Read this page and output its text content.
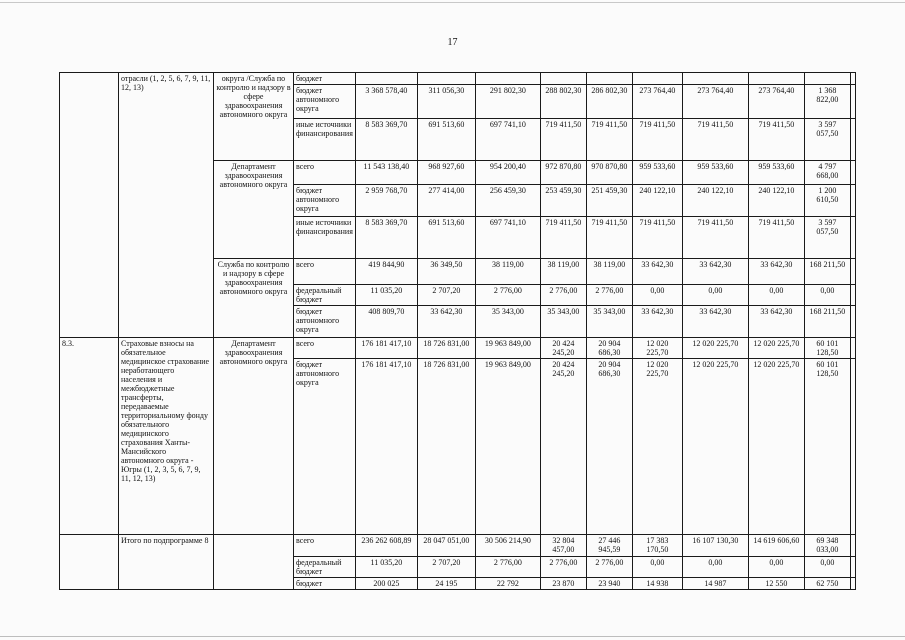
17
	отрасли (1, 2, 5, 6, 7, 9, 11, 12, 13)	округа /Служба по контролю и надзору в сфере здравоохранения автономного округа	бюджет										
			бюджет автономного округа	3 368 578,40	311 056,30	291 802,30	288 802,30	286 802,30	273 764,40	273 764,40	273 764,40	1 368 822,00	
			иные источники финансирования	8 583 369,70	691 513,60	697 741,10	719 411,50	719 411,50	719 411,50	719 411,50	719 411,50	3 597 057,50	
		Департамент здравоохранения автономного округа	всего	11 543 138,40	968 927,60	954 200,40	972 870,80	970 870,80	959 533,60	959 533,60	959 533,60	4 797 668,00	
			бюджет автономного округа	2 959 768,70	277 414,00	256 459,30	253 459,30	251 459,30	240 122,10	240 122,10	240 122,10	1 200 610,50	
			иные источники финансирования	8 583 369,70	691 513,60	697 741,10	719 411,50	719 411,50	719 411,50	719 411,50	719 411,50	3 597 057,50	
		Служба по контролю и надзору в сфере здравоохранения автономного округа	всего	419 844,90	36 349,50	38 119,00	38 119,00	38 119,00	33 642,30	33 642,30	33 642,30	168 211,50	
			федеральный бюджет	11 035,20	2 707,20	2 776,00	2 776,00	2 776,00	0,00	0,00	0,00	0,00	
			бюджет автономного округа	408 809,70	33 642,30	35 343,00	35 343,00	35 343,00	33 642,30	33 642,30	33 642,30	168 211,50	
8.3.	Страховые взносы на обязательное медицинское страхование неработающего населения и межбюджетные трансферты, передаваемые территориальному фонду обязательного медицинского страхования Ханты-Мансийского автономного округа - Югры (1, 2, 3, 5, 6, 7, 9, 11, 12, 13)	Департамент здравоохранения автономного округа	всего	176 181 417,10	18 726 831,00	19 963 849,00	20 424 245,20	20 904 686,30	12 020 225,70	12 020 225,70	12 020 225,70	60 101 128,50	
			бюджет автономного округа	176 181 417,10	18 726 831,00	19 963 849,00	20 424 245,20	20 904 686,30	12 020 225,70	12 020 225,70	12 020 225,70	60 101 128,50	
	Итого по подпрограмме 8		всего	236 262 608,89	28 047 051,00	30 506 214,90	32 804 457,00	27 446 945,59	17 383 170,50	16 107 130,30	14 619 606,60	69 348 033,00	
			федеральный бюджет	11 035,20	2 707,20	2 776,00	2 776,00	2 776,00	0,00	0,00	0,00	0,00	
			бюджет	200 025	24 195	22 792	23 870	23 940	14 938	14 987	12 550	62 750	
